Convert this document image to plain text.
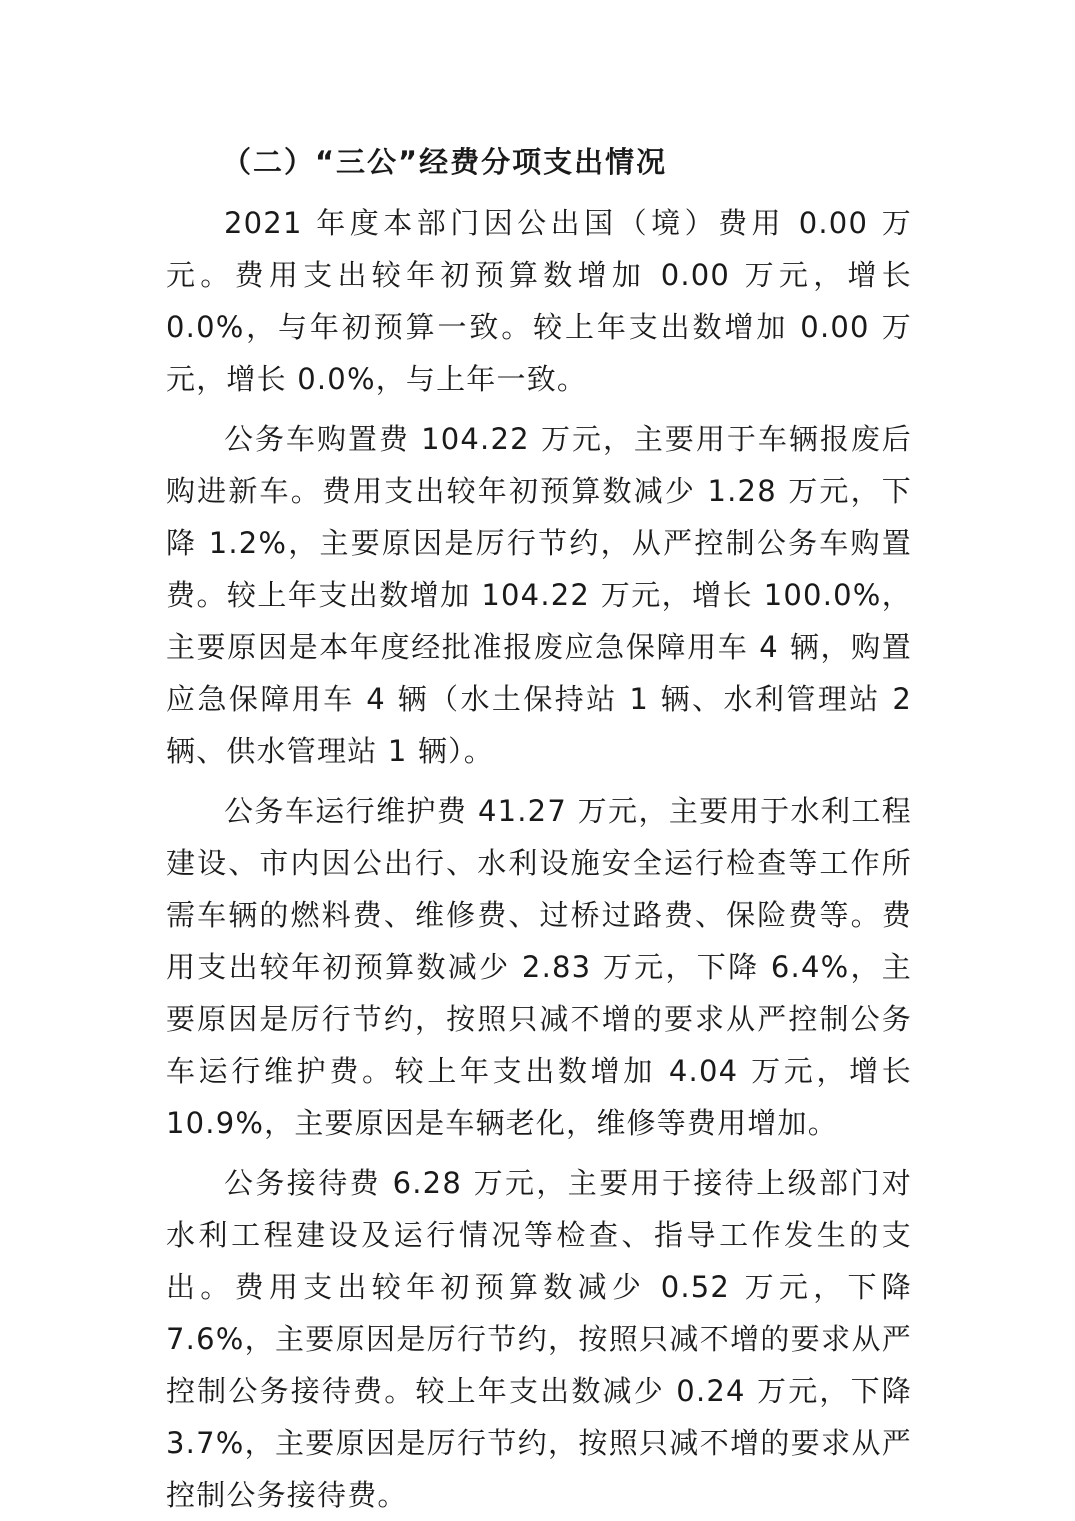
（二）“三公”经费分项支出情况

2021 年度本部门因公出国（境）费用 0.00 万元。费用支出较年初预算数增加 0.00 万元，增长 0.0%，与年初预算一致。较上年支出数增加 0.00 万元，增长 0.0%，与上年一致。

公务车购置费 104.22 万元，主要用于车辆报废后购进新车。费用支出较年初预算数减少 1.28 万元，下降 1.2%，主要原因是厉行节约，从严控制公务车购置费。较上年支出数增加 104.22 万元，增长 100.0%，主要原因是本年度经批准报废应急保障用车 4 辆，购置应急保障用车 4 辆（水土保持站 1 辆、水利管理站 2 辆、供水管理站 1 辆）。

公务车运行维护费 41.27 万元，主要用于水利工程建设、市内因公出行、水利设施安全运行检查等工作所需车辆的燃料费、维修费、过桥过路费、保险费等。费用支出较年初预算数减少 2.83 万元，下降 6.4%，主要原因是厉行节约，按照只减不增的要求从严控制公务车运行维护费。较上年支出数增加 4.04 万元，增长 10.9%，主要原因是车辆老化，维修等费用增加。

公务接待费 6.28 万元，主要用于接待上级部门对水利工程建设及运行情况等检查、指导工作发生的支出。费用支出较年初预算数减少 0.52 万元，下降 7.6%，主要原因是厉行节约，按照只减不增的要求从严控制公务接待费。较上年支出数减少 0.24 万元，下降 3.7%，主要原因是厉行节约，按照只减不增的要求从严控制公务接待费。
